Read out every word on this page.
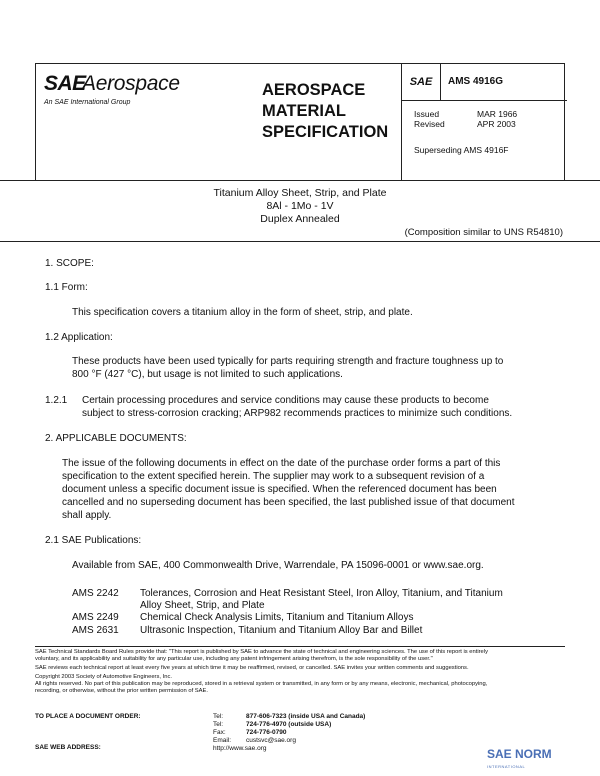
SAE
Aerospace
An SAE International Group
AEROSPACE
MATERIAL
SPECIFICATION
SAE	AMS 4916G
Issued	MAR 1966
Revised	APR 2003
Superseding AMS 4916F
Titanium Alloy Sheet, Strip, and Plate
8Al - 1Mo - 1V
Duplex Annealed
(Composition similar to UNS R54810)
1. SCOPE:
1.1 Form:
This specification covers a titanium alloy in the form of sheet, strip, and plate.
1.2 Application:
These products have been used typically for parts requiring strength and fracture toughness up to
800 °F (427 °C), but usage is not limited to such applications.
1.2.1 Certain processing procedures and service conditions may cause these products to become
subject to stress-corrosion cracking; ARP982 recommends practices to minimize such conditions.
2. APPLICABLE DOCUMENTS:
The issue of the following documents in effect on the date of the purchase order forms a part of this
specification to the extent specified herein. The supplier may work to a subsequent revision of a
document unless a specific document issue is specified. When the referenced document has been
cancelled and no superseding document has been specified, the last published issue of that document
shall apply.
2.1 SAE Publications:
Available from SAE, 400 Commonwealth Drive, Warrendale, PA 15096-0001 or www.sae.org.
AMS 2242 Tolerances, Corrosion and Heat Resistant Steel, Iron Alloy, Titanium, and Titanium
Alloy Sheet, Strip, and Plate
AMS 2249 Chemical Check Analysis Limits, Titanium and Titanium Alloys
AMS 2631 Ultrasonic Inspection, Titanium and Titanium Alloy Bar and Billet
SAE Technical Standards Board Rules provide that: "This report is published by SAE to advance the state of technical and engineering sciences. The use of this report is entirely
voluntary, and its applicability and suitability for any particular use, including any patent infringement arising therefrom, is the sole responsibility of the user."
SAE reviews each technical report at least every five years at which time it may be reaffirmed, revised, or cancelled. SAE invites your written comments and suggestions.
Copyright 2003 Society of Automotive Engineers, Inc.
All rights reserved. No part of this publication may be reproduced, stored in a retrieval system or transmitted, in any form or by any means, electronic, mechanical, photocopying,
recording, or otherwise, without the prior written permission of SAE.
TO PLACE A DOCUMENT ORDER:
SAE WEB ADDRESS:
Tel:	877-606-7323 (inside USA and Canada)
Tel:	724-776-4970 (outside USA)
Fax:	724-776-0790
Email: custsvc@sae.org
http://www.sae.org	SAE NORM
INTERNATIONAL
